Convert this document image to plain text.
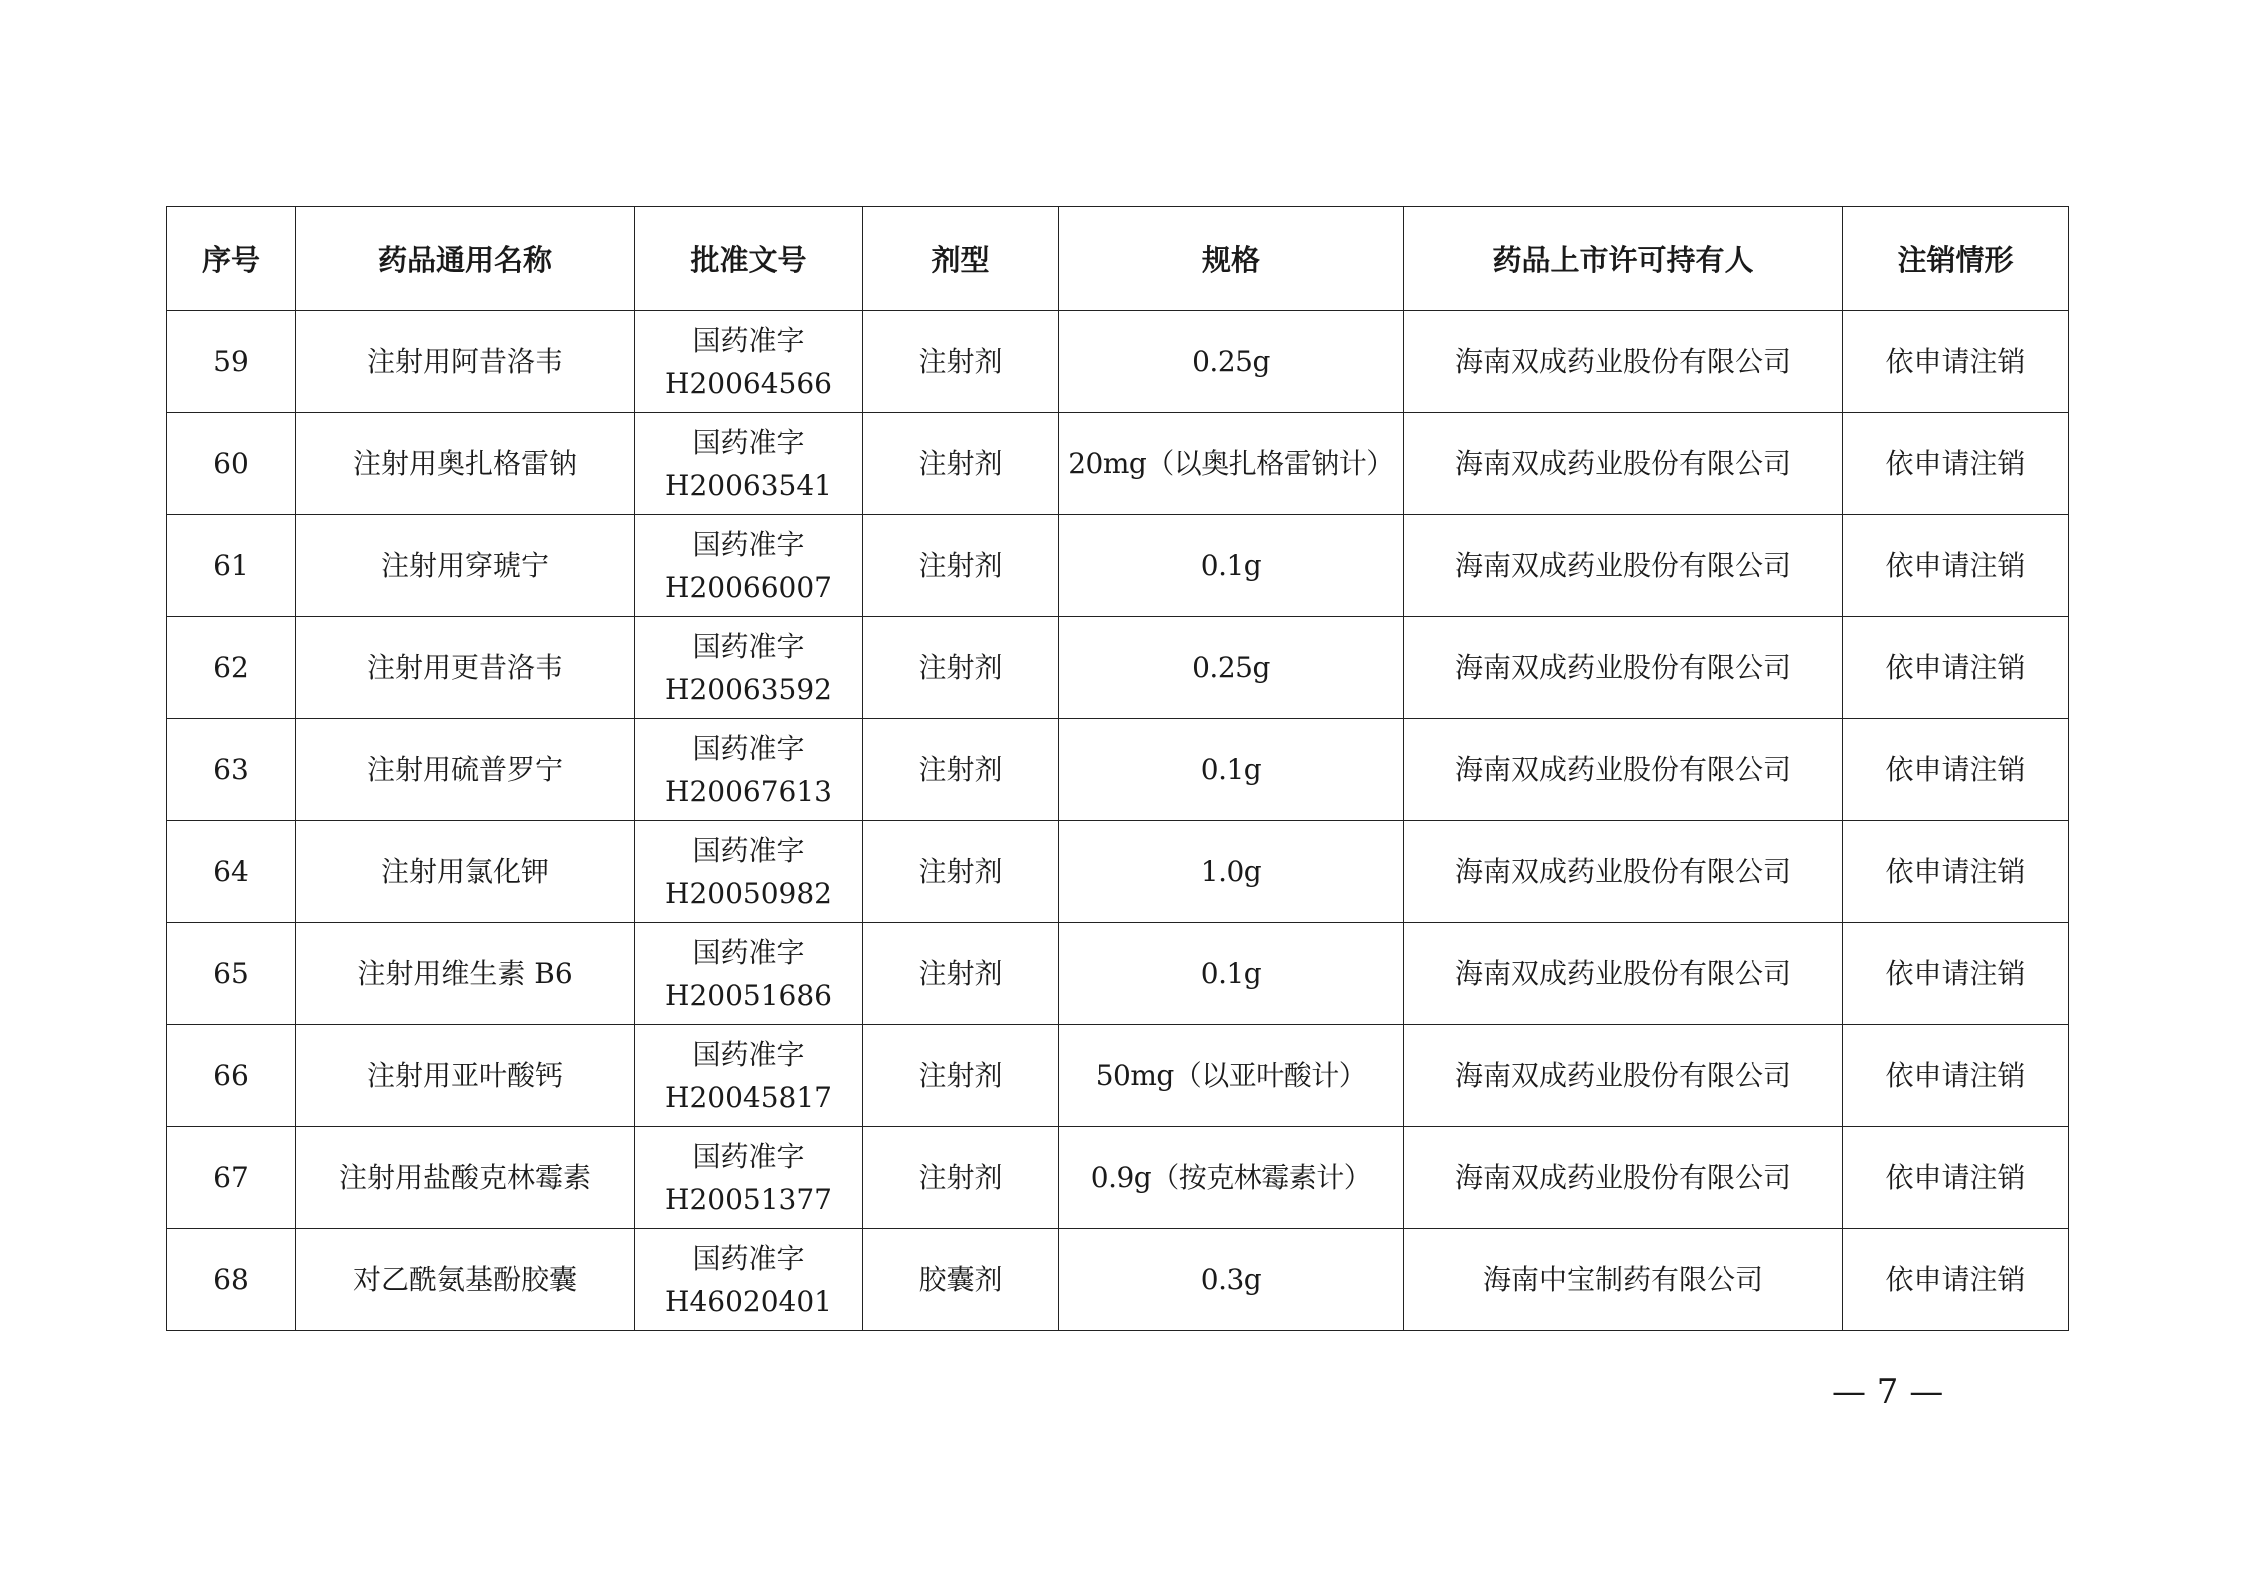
序号	药品通用名称	批准文号	剂型	规格	药品上市许可持有人	注销情形
59	注射用阿昔洛韦	国药准字
H20064566	注射剂	0.25g	海南双成药业股份有限公司	依申请注销
60	注射用奥扎格雷钠	国药准字
H20063541	注射剂	20mg（以奥扎格雷钠计）	海南双成药业股份有限公司	依申请注销
61	注射用穿琥宁	国药准字
H20066007	注射剂	0.1g	海南双成药业股份有限公司	依申请注销
62	注射用更昔洛韦	国药准字
H20063592	注射剂	0.25g	海南双成药业股份有限公司	依申请注销
63	注射用硫普罗宁	国药准字
H20067613	注射剂	0.1g	海南双成药业股份有限公司	依申请注销
64	注射用氯化钾	国药准字
H20050982	注射剂	1.0g	海南双成药业股份有限公司	依申请注销
65	注射用维生素 B6	国药准字
H20051686	注射剂	0.1g	海南双成药业股份有限公司	依申请注销
66	注射用亚叶酸钙	国药准字
H20045817	注射剂	50mg（以亚叶酸计）	海南双成药业股份有限公司	依申请注销
67	注射用盐酸克林霉素	国药准字
H20051377	注射剂	0.9g（按克林霉素计）	海南双成药业股份有限公司	依申请注销
68	对乙酰氨基酚胶囊	国药准字
H46020401	胶囊剂	0.3g	海南中宝制药有限公司	依申请注销
— 7 —
